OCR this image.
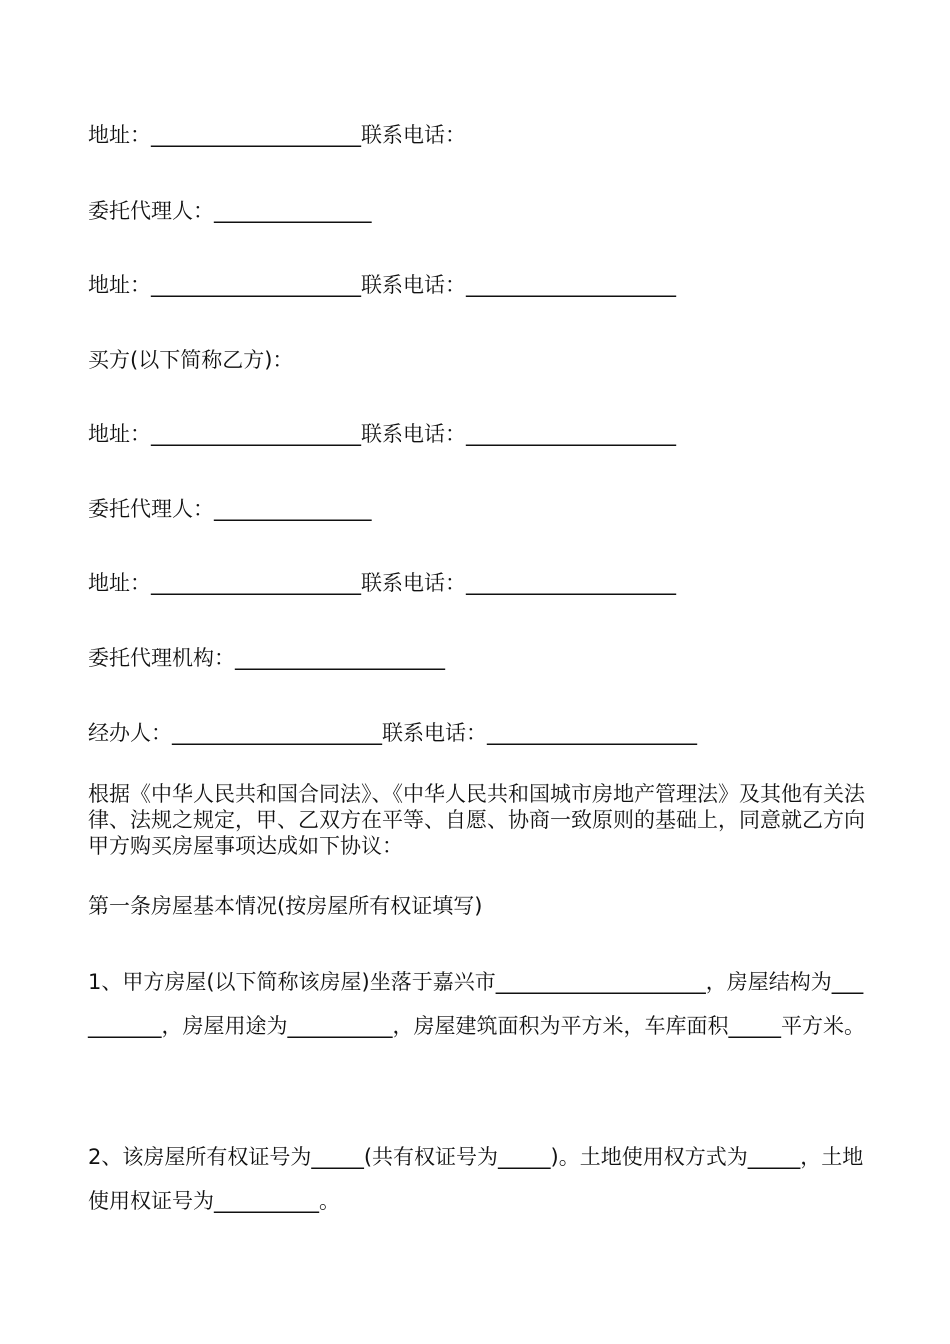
地址：____________________联系电话：
委托代理人：_______________
地址：____________________联系电话：____________________
买方(以下简称乙方)：
地址：____________________联系电话：____________________
委托代理人：_______________
地址：____________________联系电话：____________________
委托代理机构：____________________
经办人：____________________联系电话：____________________
根据《中华人民共和国合同法》、《中华人民共和国城市房地产管理法》及其他有关法律、法规之规定，甲、乙双方在平等、自愿、协商一致原则的基础上，同意就乙方向甲方购买房屋事项达成如下协议：
第一条房屋基本情况(按房屋所有权证填写)
1、甲方房屋(以下简称该房屋)坐落于嘉兴市____________________，房屋结构为__________，房屋用途为__________，房屋建筑面积为平方米，车库面积_____平方米。
2、该房屋所有权证号为_____(共有权证号为_____)。土地使用权方式为_____，土地使用权证号为__________。
